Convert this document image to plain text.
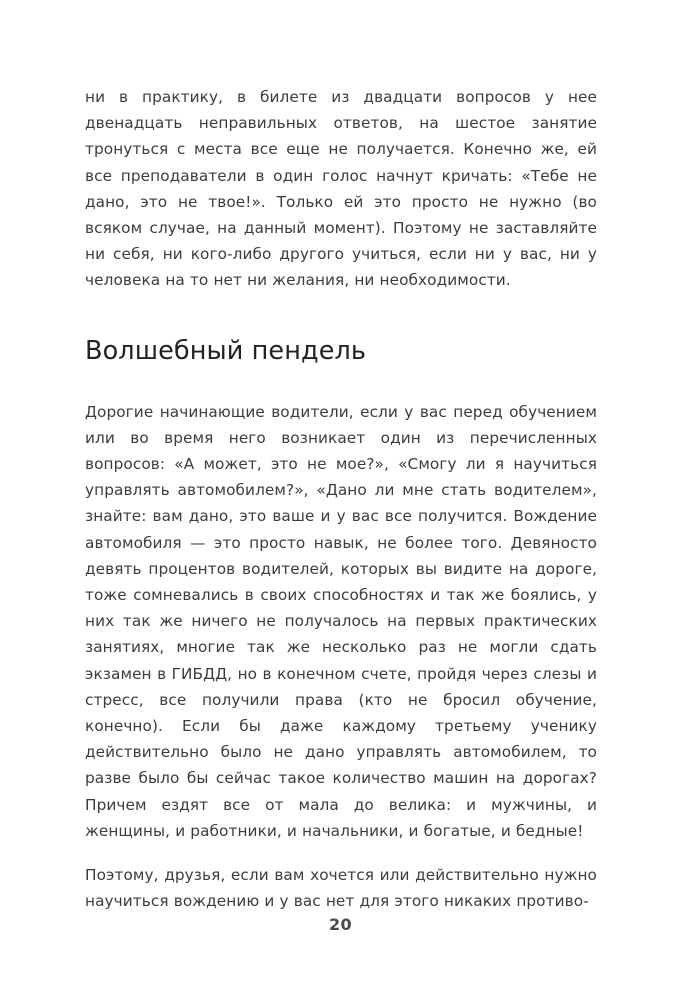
ни в практику, в билете из двадцати вопросов у нее двенадцать неправильных ответов, на шестое занятие тронуться с места все еще не получается. Конечно же, ей все преподаватели в один голос начнут кричать: «Тебе не дано, это не твое!». Только ей это просто не нужно (во всяком случае, на данный момент). Поэтому не заставляйте ни себя, ни кого-либо другого учиться, если ни у вас, ни у человека на то нет ни желания, ни необходимости.

Волшебный пендель

Дорогие начинающие водители, если у вас перед обучением или во время него возникает один из перечисленных вопросов: «А может, это не мое?», «Смогу ли я научиться управлять автомобилем?», «Дано ли мне стать водителем», знайте: вам дано, это ваше и у вас все получится. Вождение автомобиля — это просто навык, не более того. Девяносто девять процентов водителей, которых вы видите на дороге, тоже сомневались в своих способностях и так же боялись, у них так же ничего не получалось на первых практических занятиях, многие так же несколько раз не могли сдать экзамен в ГИБДД, но в конечном счете, пройдя через слезы и стресс, все получили права (кто не бросил обучение, конечно). Если бы даже каждому третьему ученику действительно было не дано управлять автомобилем, то разве было бы сейчас такое количество машин на дорогах? Причем ездят все от мала до велика: и мужчины, и женщины, и работники, и начальники, и богатые, и бедные!

Поэтому, друзья, если вам хочется или действительно нужно научиться вождению и у вас нет для этого никаких противо-

20
